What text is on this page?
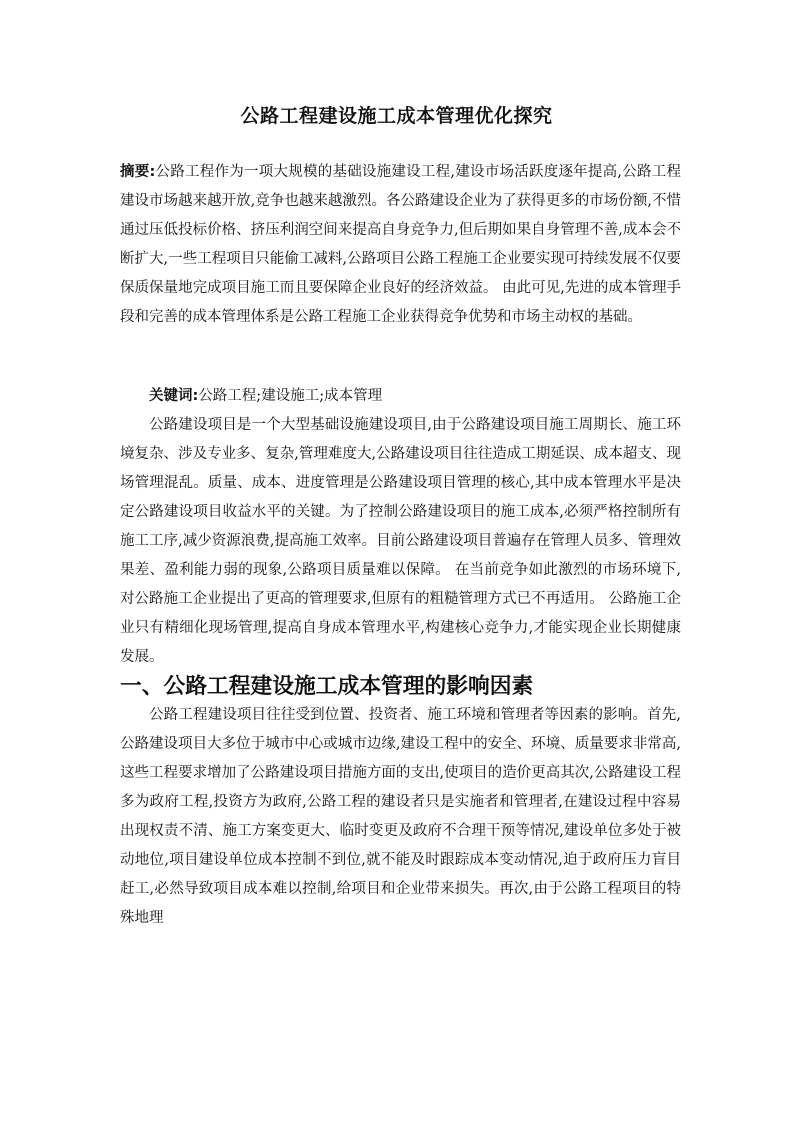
公路工程建设施工成本管理优化探究

摘要:公路工程作为一项大规模的基础设施建设工程,建设市场活跃度逐年提高,公路工程建设市场越来越开放,竞争也越来越激烈。各公路建设企业为了获得更多的市场份额,不惜通过压低投标价格、挤压利润空间来提高自身竞争力,但后期如果自身管理不善,成本会不断扩大,一些工程项目只能偷工减料,公路项目公路工程施工企业要实现可持续发展不仅要保质保量地完成项目施工而且要保障企业良好的经济效益。 由此可见,先进的成本管理手段和完善的成本管理体系是公路工程施工企业获得竞争优势和市场主动权的基础。

关键词:公路工程;建设施工;成本管理

公路建设项目是一个大型基础设施建设项目,由于公路建设项目施工周期长、施工环境复杂、涉及专业多、复杂,管理难度大,公路建设项目往往造成工期延误、成本超支、现场管理混乱。质量、成本、进度管理是公路建设项目管理的核心,其中成本管理水平是决定公路建设项目收益水平的关键。为了控制公路建设项目的施工成本,必须严格控制所有施工工序,减少资源浪费,提高施工效率。目前公路建设项目普遍存在管理人员多、管理效果差、盈利能力弱的现象,公路项目质量难以保障。 在当前竞争如此激烈的市场环境下,对公路施工企业提出了更高的管理要求,但原有的粗糙管理方式已不再适用。 公路施工企业只有精细化现场管理,提高自身成本管理水平,构建核心竞争力,才能实现企业长期健康发展。

一、公路工程建设施工成本管理的影响因素

公路工程建设项目往往受到位置、投资者、施工环境和管理者等因素的影响。首先,公路建设项目大多位于城市中心或城市边缘,建设工程中的安全、环境、质量要求非常高,这些工程要求增加了公路建设项目措施方面的支出,使项目的造价更高其次,公路建设工程多为政府工程,投资方为政府,公路工程的建设者只是实施者和管理者,在建设过程中容易出现权责不清、施工方案变更大、临时变更及政府不合理干预等情况,建设单位多处于被动地位,项目建设单位成本控制不到位,就不能及时跟踪成本变动情况,迫于政府压力盲目赶工,必然导致项目成本难以控制,给项目和企业带来损失。再次,由于公路工程项目的特殊地理
